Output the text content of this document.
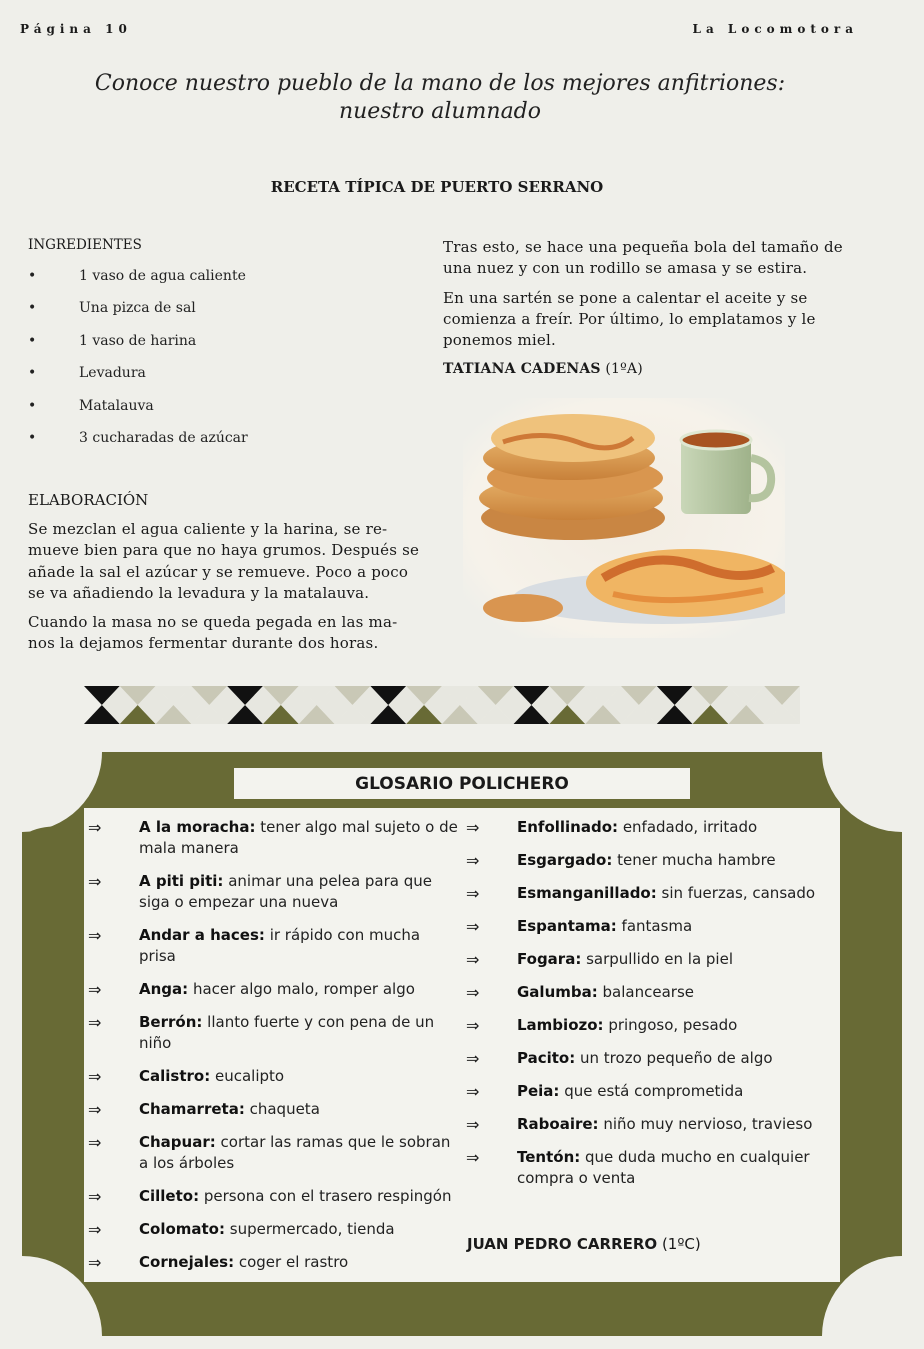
Página 10	La Locomotora
Conoce nuestro pueblo de la mano de los mejores anfitriones:
nuestro alumnado
RECETA TÍPICA DE PUERTO SERRANO
INGREDIENTES
•	1 vaso de agua caliente
•	Una pizca de sal
•	1 vaso de harina
•	Levadura
•	Matalauva
•	3 cucharadas de azúcar
ELABORACIÓN

Se mezclan el agua caliente y la harina, se re-mueve bien para que no haya grumos. Después se añade la sal el azúcar y se remueve. Poco a poco se va añadiendo la levadura y la matalauva.

Cuando la masa no se queda pegada en las ma-nos la dejamos fermentar durante dos horas.

Tras esto, se hace una pequeña bola del tamaño de una nuez y con un rodillo se amasa y se estira.

En una sartén se pone a calentar el aceite y se comienza a freír. Por último, lo emplatamos y le ponemos miel.

TATIANA CADENAS (1ºA)

GLOSARIO POLICHERO
⇒	A la moracha: tener algo mal sujeto o de mala manera
⇒	A piti piti: animar una pelea para que siga o empezar una nueva
⇒	Andar a haces: ir rápido con mucha prisa
⇒	Anga: hacer algo malo, romper algo
⇒	Berrón: llanto fuerte y con pena de un niño
⇒	Calistro: eucalipto
⇒	Chamarreta: chaqueta
⇒	Chapuar: cortar las ramas que le sobran a los árboles
⇒	Cilleto: persona con el trasero respingón
⇒	Colomato: supermercado, tienda
⇒	Cornejales: coger el rastro
⇒	Enfollinado: enfadado, irritado
⇒	Esgargado: tener mucha hambre
⇒	Esmanganillado: sin fuerzas, cansado
⇒	Espantama: fantasma
⇒	Fogara: sarpullido en la piel
⇒	Galumba: balancearse
⇒	Lambiozo: pringoso, pesado
⇒	Pacito: un trozo pequeño de algo
⇒	Peia: que está comprometida
⇒	Raboaire: niño muy nervioso, travieso
⇒	Tentón: que duda mucho en cualquier compra o venta
JUAN PEDRO CARRERO (1ºC)
